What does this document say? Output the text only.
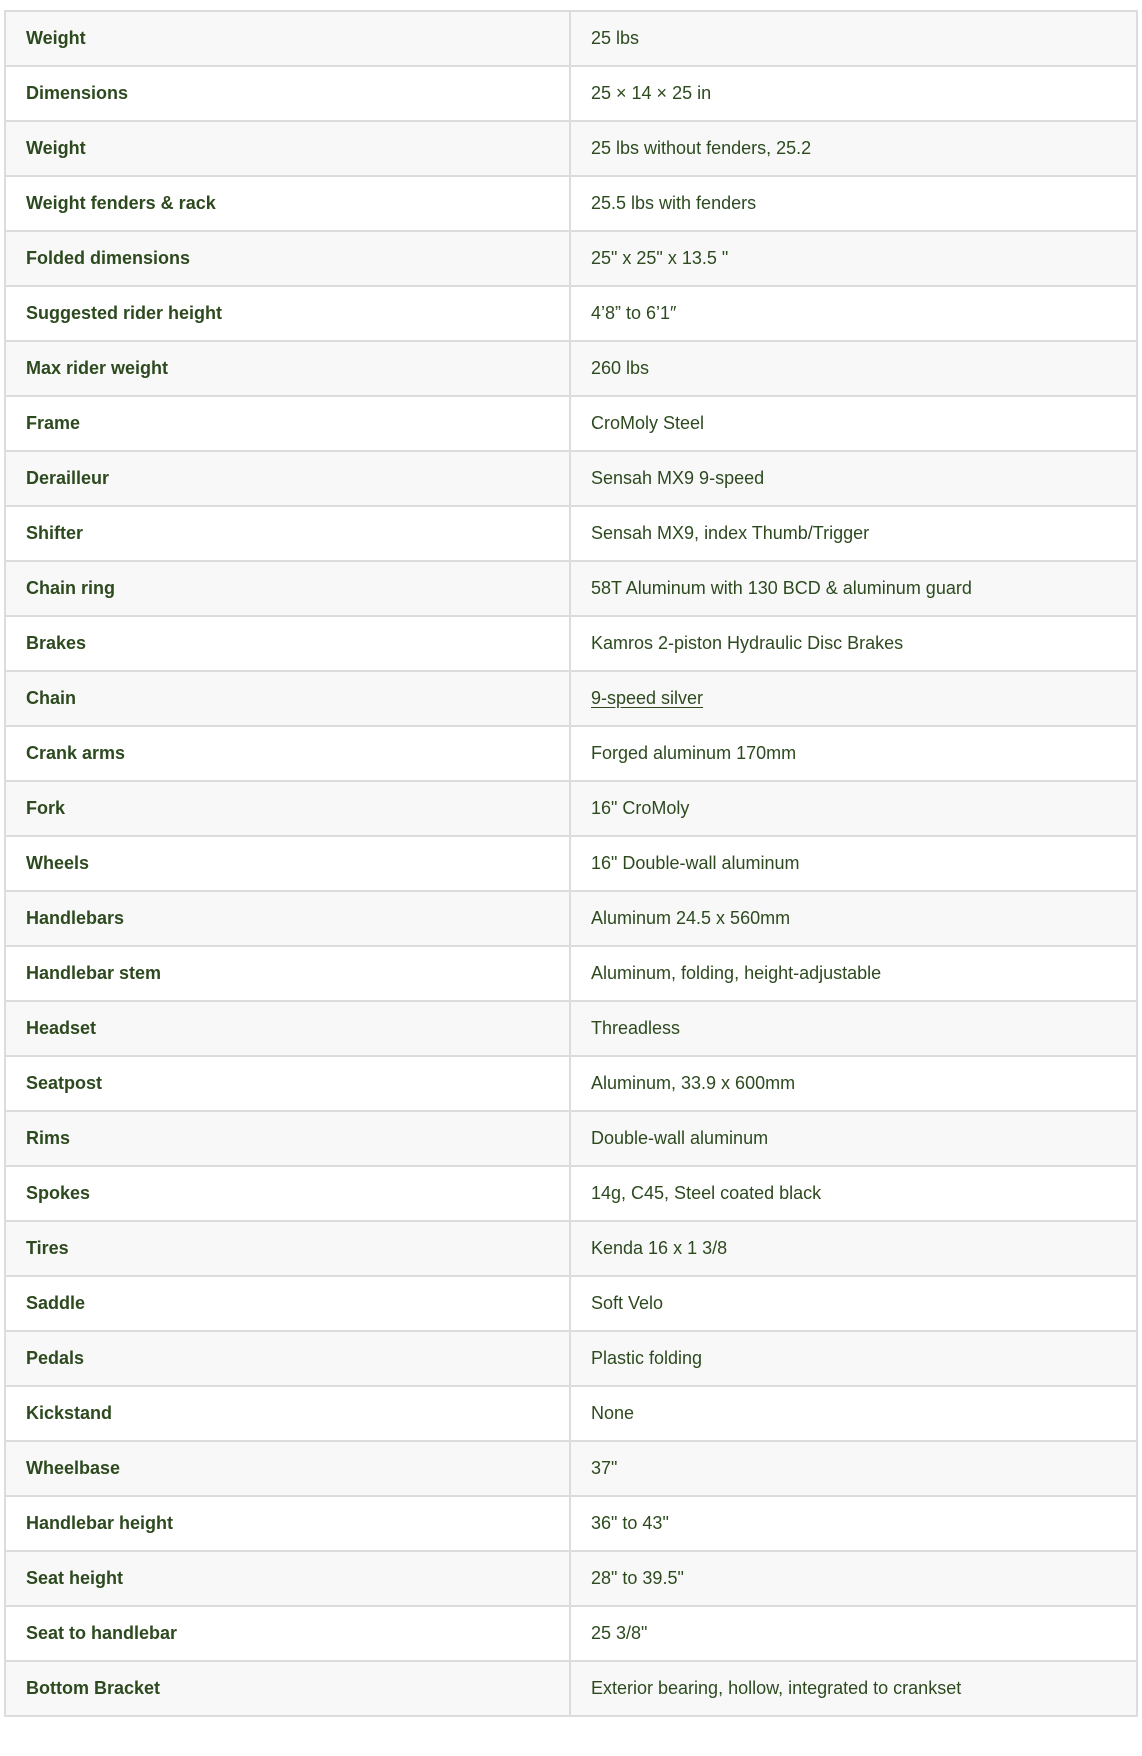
Weight	25 lbs
Dimensions	25 × 14 × 25 in
Weight	25 lbs without fenders, 25.2
Weight fenders & rack	25.5 lbs with fenders
Folded dimensions	25" x 25" x 13.5 "
Suggested rider height	4’8” to 6’1″
Max rider weight	260 lbs
Frame	CroMoly Steel
Derailleur	Sensah MX9 9-speed
Shifter	Sensah MX9, index Thumb/Trigger
Chain ring	58T Aluminum with 130 BCD & aluminum guard
Brakes	Kamros 2-piston Hydraulic Disc Brakes
Chain	9-speed silver
Crank arms	Forged aluminum 170mm
Fork	16" CroMoly
Wheels	16" Double-wall aluminum
Handlebars	Aluminum 24.5 x 560mm
Handlebar stem	Aluminum, folding, height-adjustable
Headset	Threadless
Seatpost	Aluminum, 33.9 x 600mm
Rims	Double-wall aluminum
Spokes	14g, C45, Steel coated black
Tires	Kenda 16 x 1 3/8
Saddle	Soft Velo
Pedals	Plastic folding
Kickstand	None
Wheelbase	37"
Handlebar height	36" to 43"
Seat height	28" to 39.5"
Seat to handlebar	25 3/8"
Bottom Bracket	Exterior bearing, hollow, integrated to crankset
